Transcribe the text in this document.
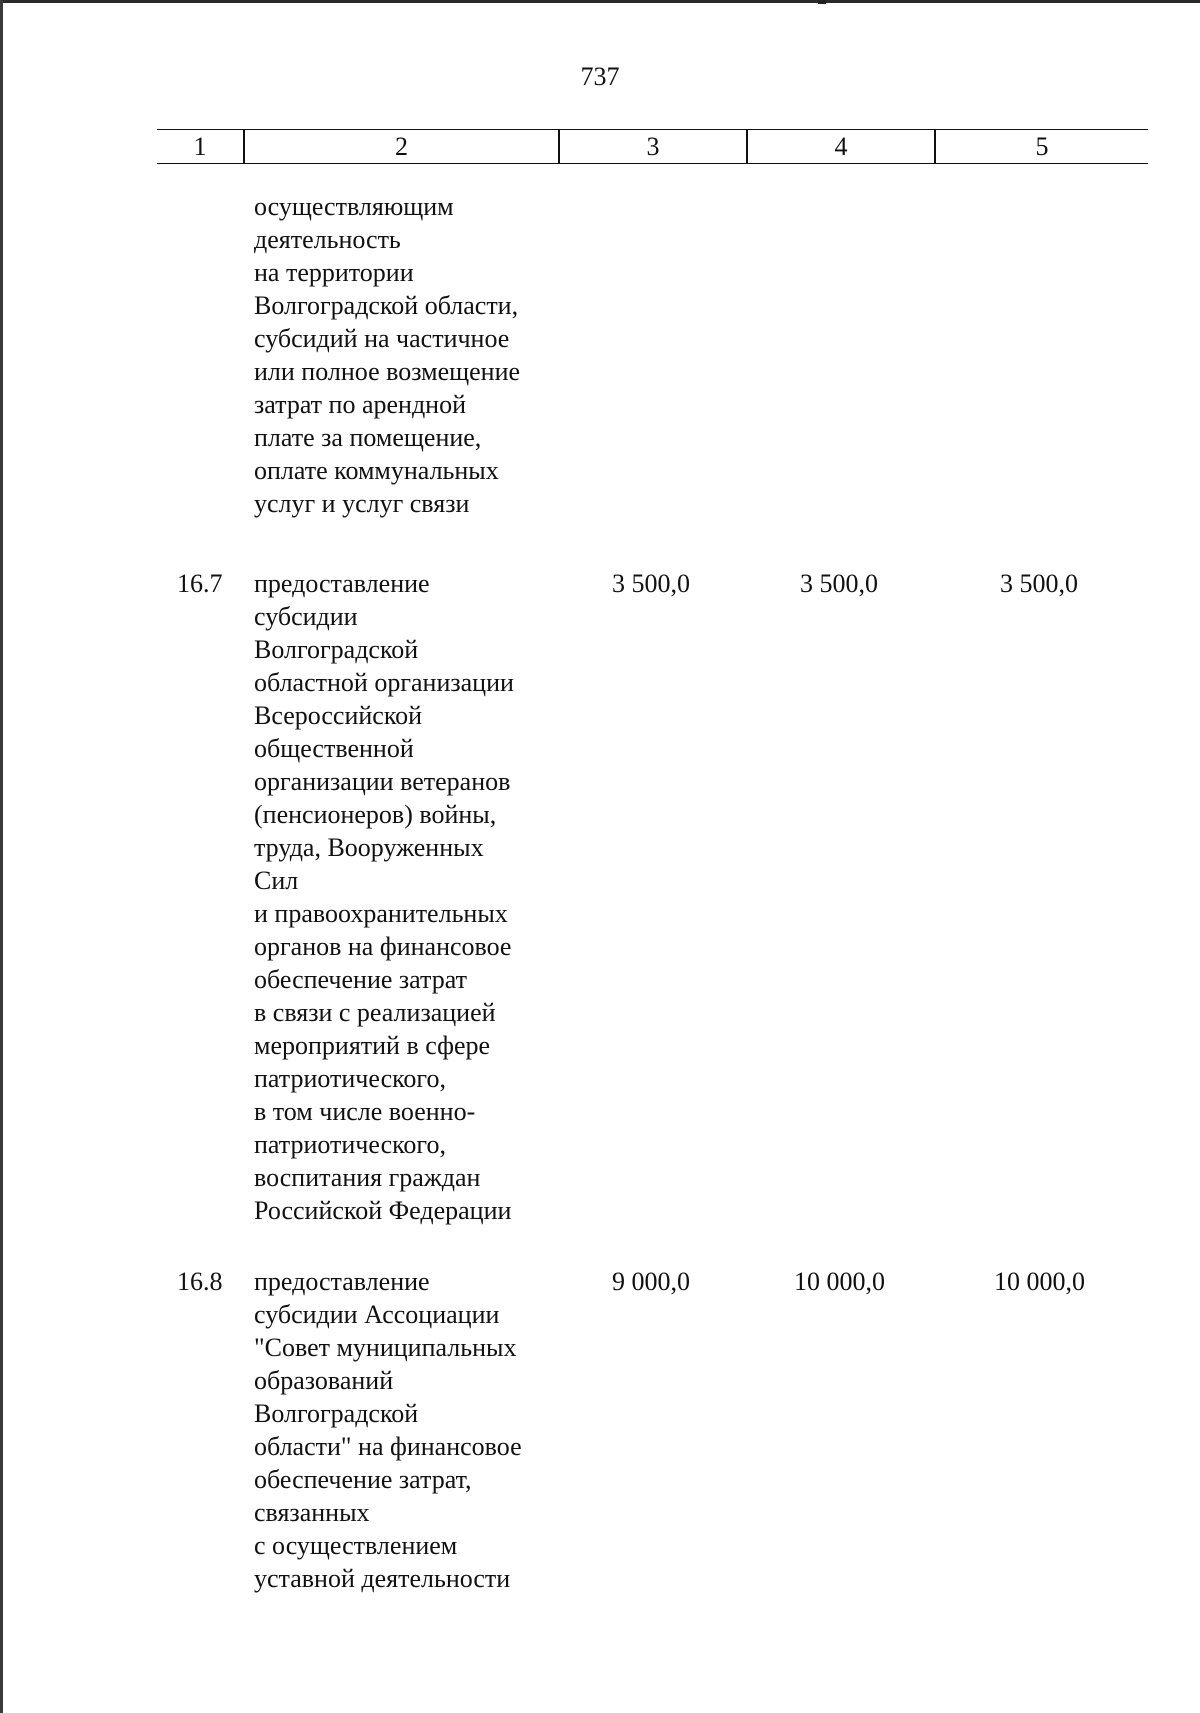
737
1	2	3	4	5
осуществляющим
деятельность
на территории
Волгоградской области,
субсидий на частичное
или полное возмещение
затрат по арендной
плате за помещение,
оплате коммунальных
услуг и услуг связи
16.7 предоставление
субсидии
Волгоградской
областной организации
Всероссийской
общественной
организации ветеранов
(пенсионеров) войны,
труда, Вооруженных
Сил
и правоохранительных
органов на финансовое
обеспечение затрат
в связи с реализацией
мероприятий в сфере
патриотического,
в том числе военно-
патриотического,
воспитания граждан
Российской Федерации
3 500,0	3 500,0	3 500,0
16.8 предоставление
субсидии Ассоциации
"Совет муниципальных
образований
Волгоградской
области" на финансовое
обеспечение затрат,
связанных
с осуществлением
уставной деятельности
9 000,0	10 000,0	10 000,0
